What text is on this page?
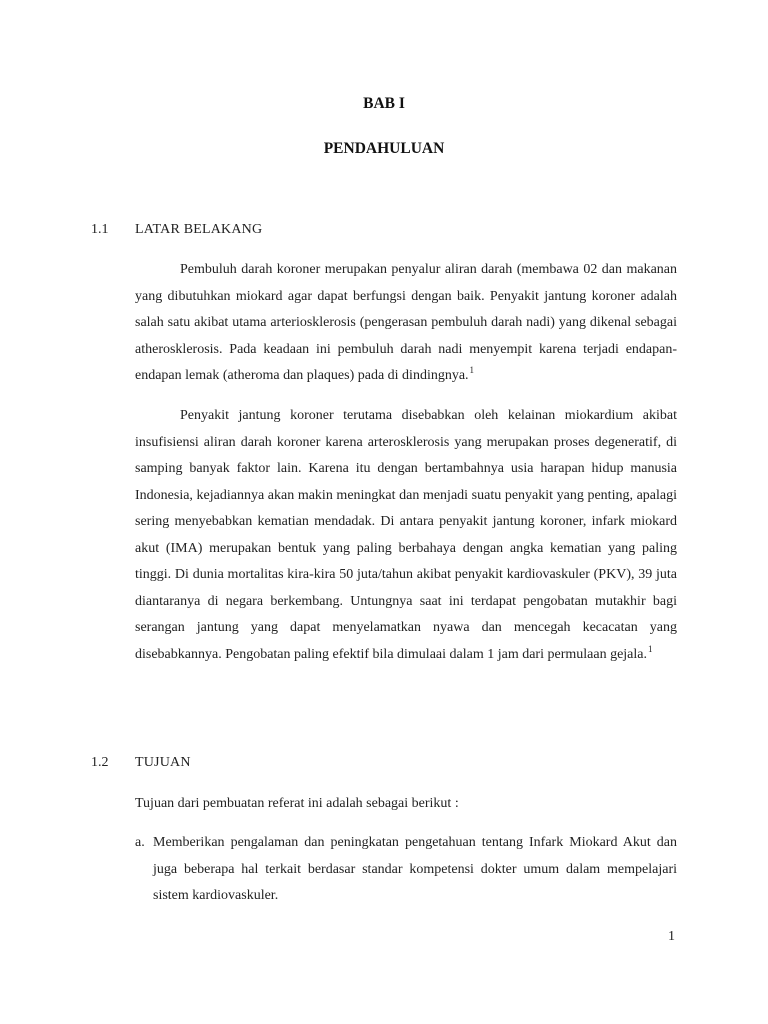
BAB I
PENDAHULUAN
1.1 LATAR BELAKANG

Pembuluh darah koroner merupakan penyalur aliran darah (membawa 02 dan makanan yang dibutuhkan miokard agar dapat berfungsi dengan baik. Penyakit jantung koroner adalah salah satu akibat utama arteriosklerosis (pengerasan pembuluh darah nadi) yang dikenal sebagai atherosklerosis. Pada keadaan ini pembuluh darah nadi menyempit karena terjadi endapan-endapan lemak (atheroma dan plaques) pada di dindingnya.$^1$

Penyakit jantung koroner terutama disebabkan oleh kelainan miokardium akibat insufisiensi aliran darah koroner karena arterosklerosis yang merupakan proses degeneratif, di samping banyak faktor lain. Karena itu dengan bertambahnya usia harapan hidup manusia Indonesia, kejadiannya akan makin meningkat dan menjadi suatu penyakit yang penting, apalagi sering menyebabkan kematian mendadak. Di antara penyakit jantung koroner, infark miokard akut (IMA) merupakan bentuk yang paling berbahaya dengan angka kematian yang paling tinggi. Di dunia mortalitas kira-kira 50 juta/tahun akibat penyakit kardiovaskuler (PKV), 39 juta diantaranya di negara berkembang. Untungnya saat ini terdapat pengobatan mutakhir bagi serangan jantung yang dapat menyelamatkan nyawa dan mencegah kecacatan yang disebabkannya. Pengobatan paling efektif bila dimulaai dalam 1 jam dari permulaan gejala.$^1$

1.2 TUJUAN

Tujuan dari pembuatan referat ini adalah sebagai berikut :

a. Memberikan pengalaman dan peningkatan pengetahuan tentang Infark Miokard Akut dan juga beberapa hal terkait berdasar standar kompetensi dokter umum dalam mempelajari sistem kardiovaskuler.

1
